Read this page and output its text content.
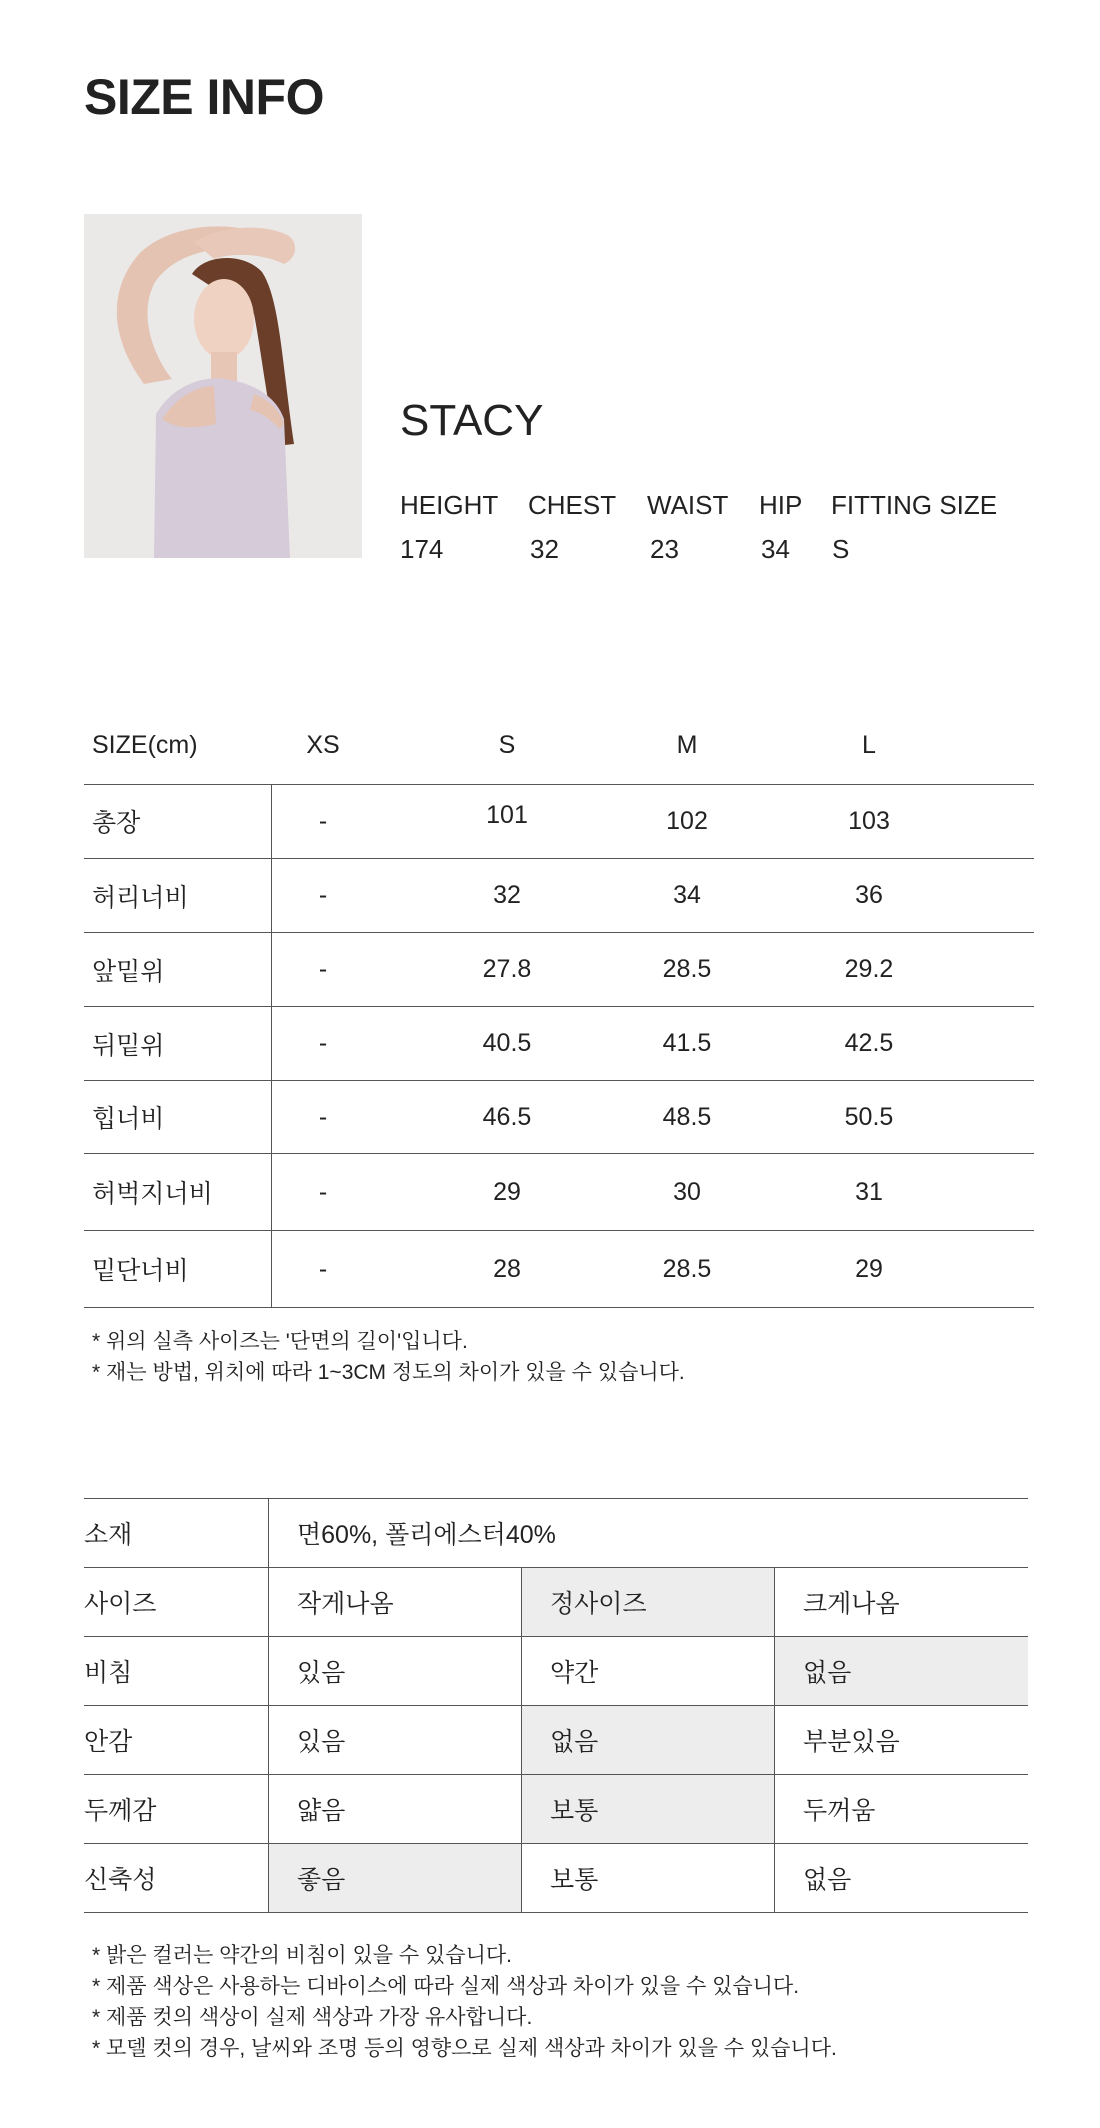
SIZE INFO
STACY
HEIGHT CHEST WAIST HIP FITTING SIZE
174	32	23	34 S
SIZE(cm)	XS	S	M	L
총장	-	101	102	103
허리너비	-	32	34	36
앞밑위	-	27.8	28.5	29.2
뒤밑위	-	40.5	41.5	42.5
힙너비	-	46.5	48.5	50.5
허벅지너비	-	29	30	31
밑단너비	-	28	28.5	29
* 위의 실측 사이즈는 '단면의 길이'입니다.
* 재는 방법, 위치에 따라 1~3CM 정도의 차이가 있을 수 있습니다.
소재	면60%, 폴리에스터40%
사이즈	작게나옴	정사이즈	크게나옴
비침	있음	약간	없음
안감	있음	없음	부분있음
두께감	얇음	보통	두꺼움
신축성	좋음	보통	없음
* 밝은 컬러는 약간의 비침이 있을 수 있습니다.
* 제품 색상은 사용하는 디바이스에 따라 실제 색상과 차이가 있을 수 있습니다.
* 제품 컷의 색상이 실제 색상과 가장 유사합니다.
* 모델 컷의 경우, 날씨와 조명 등의 영향으로 실제 색상과 차이가 있을 수 있습니다.
